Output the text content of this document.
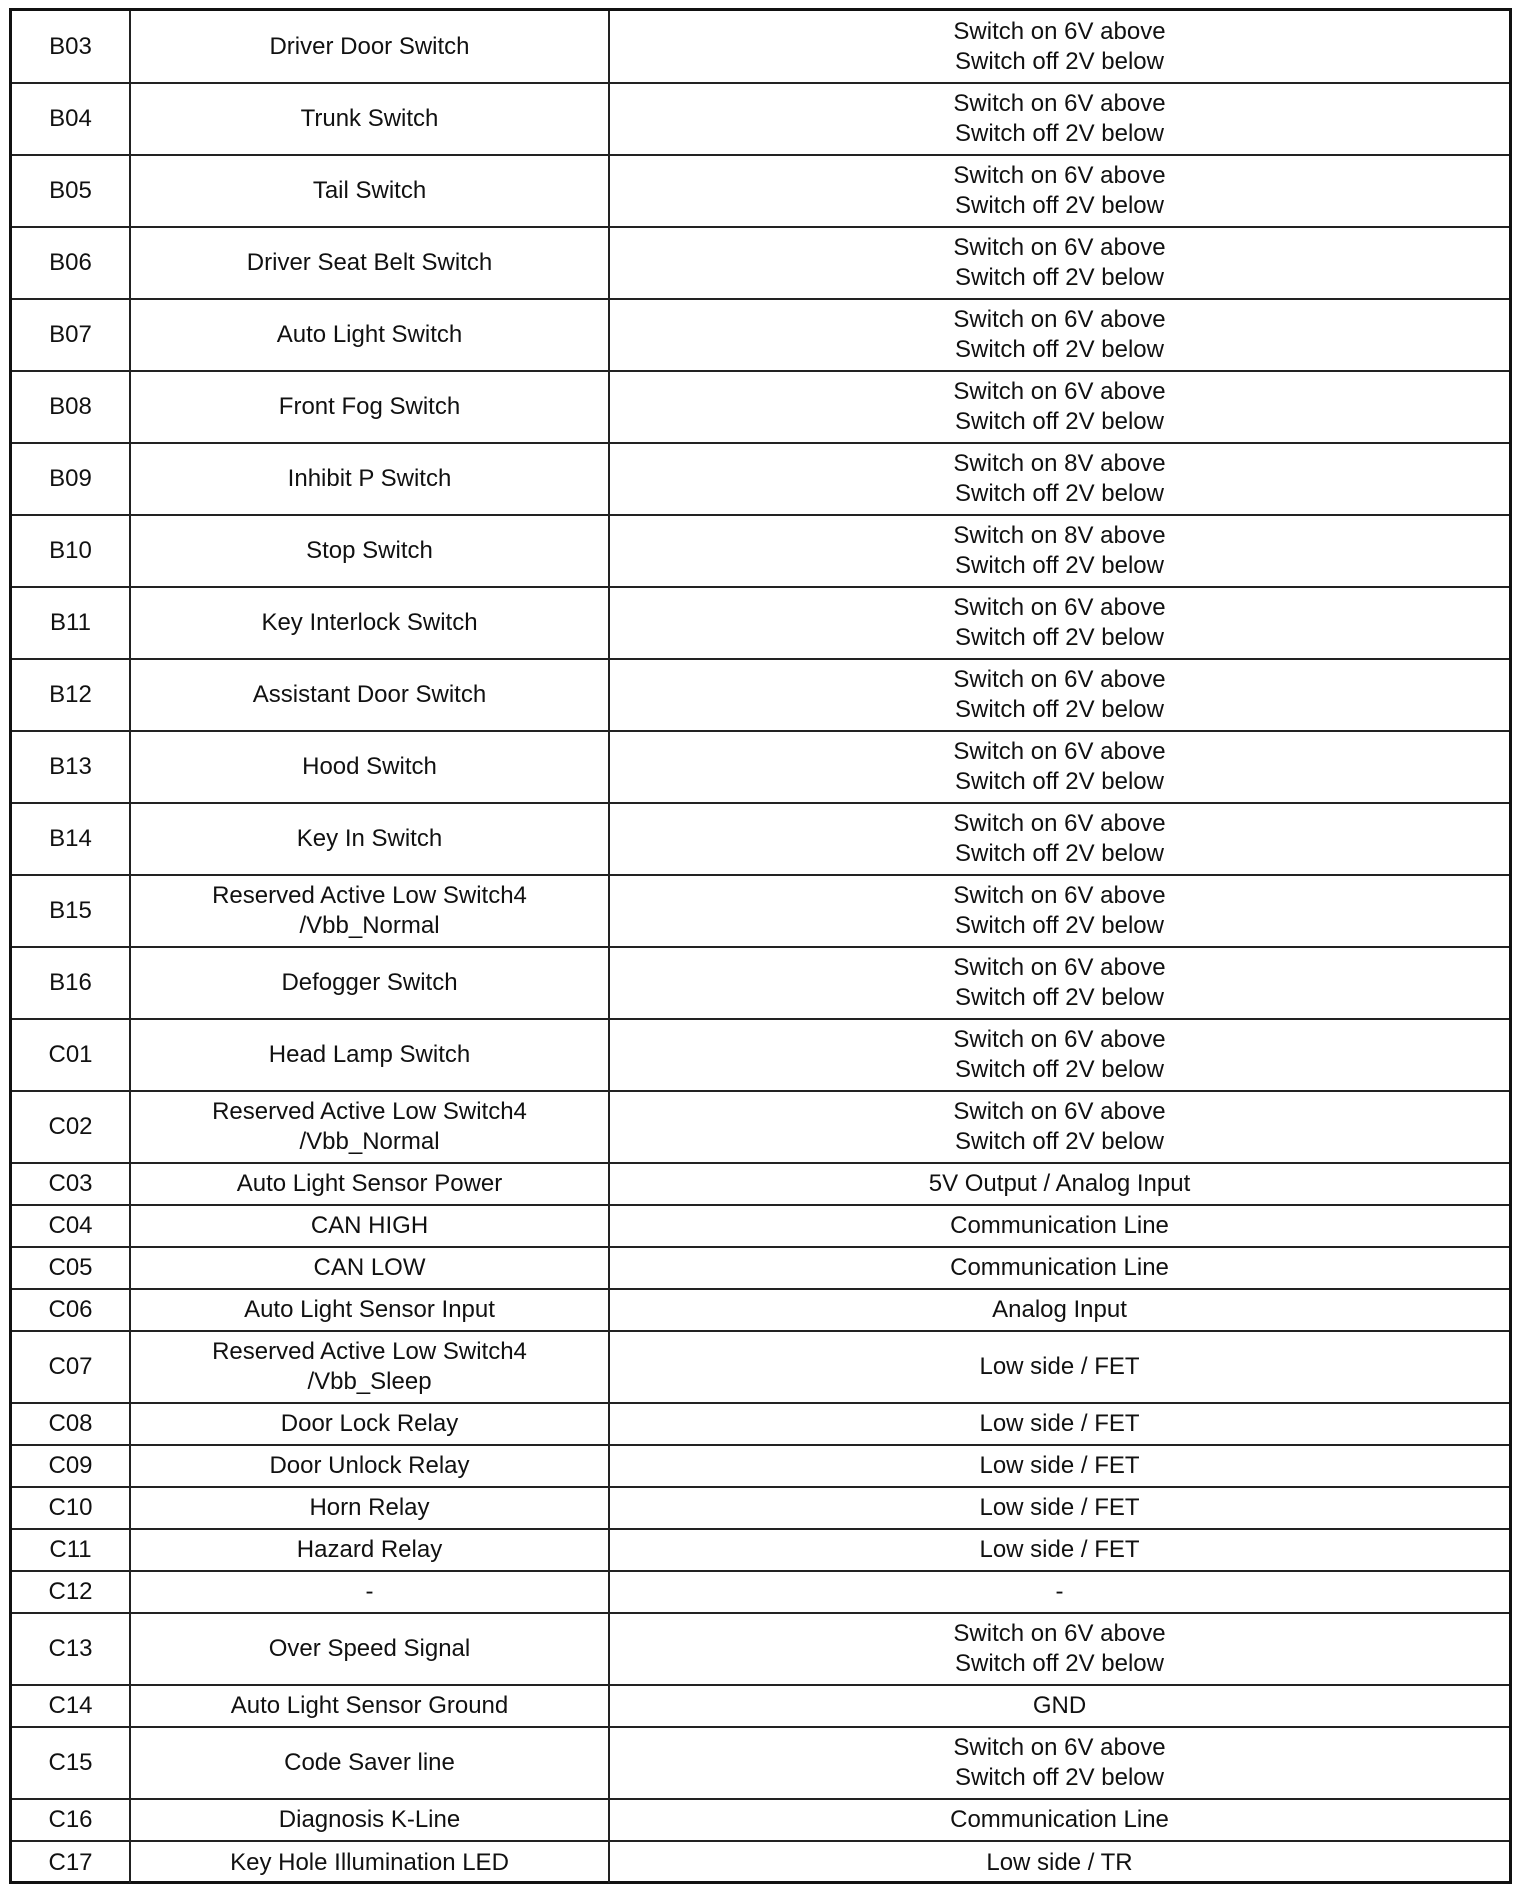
B03	Driver Door Switch	Switch on 6V above
Switch off 2V below
B04	Trunk Switch	Switch on 6V above
Switch off 2V below
B05	Tail Switch	Switch on 6V above
Switch off 2V below
B06	Driver Seat Belt Switch	Switch on 6V above
Switch off 2V below
B07	Auto Light Switch	Switch on 6V above
Switch off 2V below
B08	Front Fog Switch	Switch on 6V above
Switch off 2V below
B09	Inhibit P Switch	Switch on 8V above
Switch off 2V below
B10	Stop Switch	Switch on 8V above
Switch off 2V below
B11	Key Interlock Switch	Switch on 6V above
Switch off 2V below
B12	Assistant Door Switch	Switch on 6V above
Switch off 2V below
B13	Hood Switch	Switch on 6V above
Switch off 2V below
B14	Key In Switch	Switch on 6V above
Switch off 2V below
B15	Reserved Active Low Switch4
/Vbb_Normal	Switch on 6V above
Switch off 2V below
B16	Defogger Switch	Switch on 6V above
Switch off 2V below
C01	Head Lamp Switch	Switch on 6V above
Switch off 2V below
C02	Reserved Active Low Switch4
/Vbb_Normal	Switch on 6V above
Switch off 2V below
C03	Auto Light Sensor Power	5V Output / Analog Input
C04	CAN HIGH	Communication Line
C05	CAN LOW	Communication Line
C06	Auto Light Sensor Input	Analog Input
C07	Reserved Active Low Switch4
/Vbb_Sleep	Low side / FET
C08	Door Lock Relay	Low side / FET
C09	Door Unlock Relay	Low side / FET
C10	Horn Relay	Low side / FET
C11	Hazard Relay	Low side / FET
C12	-	-
C13	Over Speed Signal	Switch on 6V above
Switch off 2V below
C14	Auto Light Sensor Ground	GND
C15	Code Saver line	Switch on 6V above
Switch off 2V below
C16	Diagnosis K-Line	Communication Line
C17	Key Hole Illumination LED	Low side / TR
